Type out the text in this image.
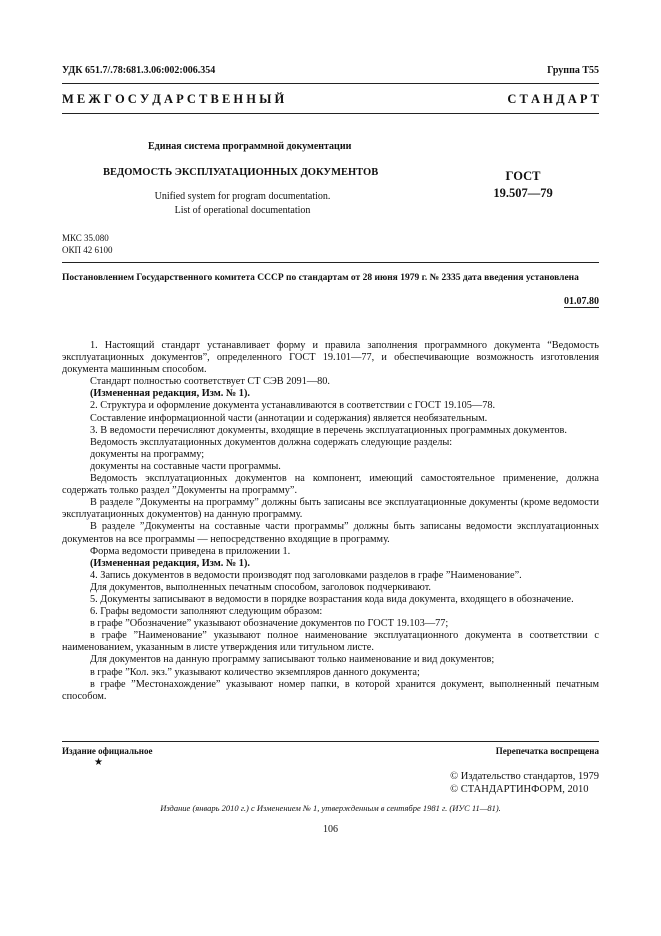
УДК 651.7/.78:681.3.06:002:006.354	Группа Т55
М Е Ж Г О С У Д А Р С Т В Е Н Н Ы Й	С Т А Н Д А Р Т
Единая система программной документации
ВЕДОМОСТЬ ЭКСПЛУАТАЦИОННЫХ ДОКУМЕНТОВ
Unified system for program documentation.
List of operational documentation
ГОСТ
19.507—79
МКС 35.080
ОКП 42 6100
Постановлением Государственного комитета СССР по стандартам от 28 июня 1979 г. № 2335 дата введения установлена
01.07.80

1. Настоящий стандарт устанавливает форму и правила заполнения программного документа “Ведомость эксплуатационных документов”, определенного ГОСТ 19.101—77, и обеспечивающие возможность изготовления документа машинным способом.

Стандарт полностью соответствует СТ СЭВ 2091—80.

(Измененная редакция, Изм. № 1).

2. Структура и оформление документа устанавливаются в соответствии с ГОСТ 19.105—78.

Составление информационной части (аннотации и содержания) является необязательным.

3. В ведомости перечисляют документы, входящие в перечень эксплуатационных программных документов.

Ведомость эксплуатационных документов должна содержать следующие разделы:

документы на программу;

документы на составные части программы.

Ведомость эксплуатационных документов на компонент, имеющий самостоятельное применение, должна содержать только раздел ”Документы на программу”.

В разделе ”Документы на программу” должны быть записаны все эксплуатационные документы (кроме ведомости эксплуатационных документов) на данную программу.

В разделе ”Документы на составные части программы” должны быть записаны ведомости эксплуатационных документов на все программы — непосредственно входящие в программу.

Форма ведомости приведена в приложении 1.

(Измененная редакция, Изм. № 1).

4. Запись документов в ведомости производят под заголовками разделов в графе ”Наименование”.

Для документов, выполненных печатным способом, заголовок подчеркивают.

5. Документы записывают в ведомости в порядке возрастания кода вида документа, входящего в обозначение.

6. Графы ведомости заполняют следующим образом:

в графе ”Обозначение” указывают обозначение документов по ГОСТ 19.103—77;

в графе ”Наименование” указывают полное наименование эксплуатационного документа в соответствии с наименованием, указанным в листе утверждения или титульном листе.

Для документов на данную программу записывают только наименование и вид документов;

в графе ”Кол. экз.” указывают количество экземпляров данного документа;

в графе ”Местонахождение” указывают номер папки, в которой хранится документ, выполненный печатным способом.

Издание официальное	Перепечатка воспрещена
★
© Издательство стандартов, 1979
© СТАНДАРТИНФОРМ, 2010
Издание (январь 2010 г.) с Изменением № 1, утвержденным в сентябре 1981 г. (ИУС 11—81).
106
